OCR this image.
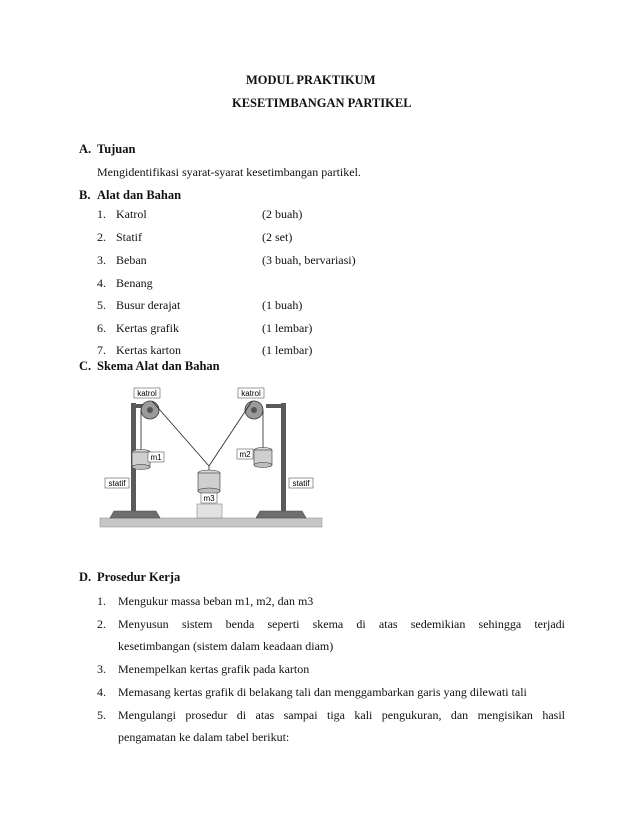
MODUL PRAKTIKUM
KESETIMBANGAN PARTIKEL
A. Tujuan
Mengidentifikasi syarat-syarat kesetimbangan partikel.
B. Alat dan Bahan
1. Katrol	(2 buah)
2. Statif	(2 set)
3. Beban	(3 buah, bervariasi)
4. Benang
5. Busur derajat	(1 buah)
6. Kertas grafik	(1 lembar)
7. Kertas karton	(1 lembar)
C. Skema Alat dan Bahan
katrol	katrol
m1	m2
m3
statif	statif
D. Prosedur Kerja
1. Mengukur massa beban m1, m2, dan m3
2. Menyusun sistem benda seperti skema di atas sedemikian sehingga terjadi
kesetimbangan (sistem dalam keadaan diam)
3. Menempelkan kertas grafik pada karton
4. Memasang kertas grafik di belakang tali dan menggambarkan garis yang dilewati tali
5. Mengulangi prosedur di atas sampai tiga kali pengukuran, dan mengisikan hasil
pengamatan ke dalam tabel berikut:
